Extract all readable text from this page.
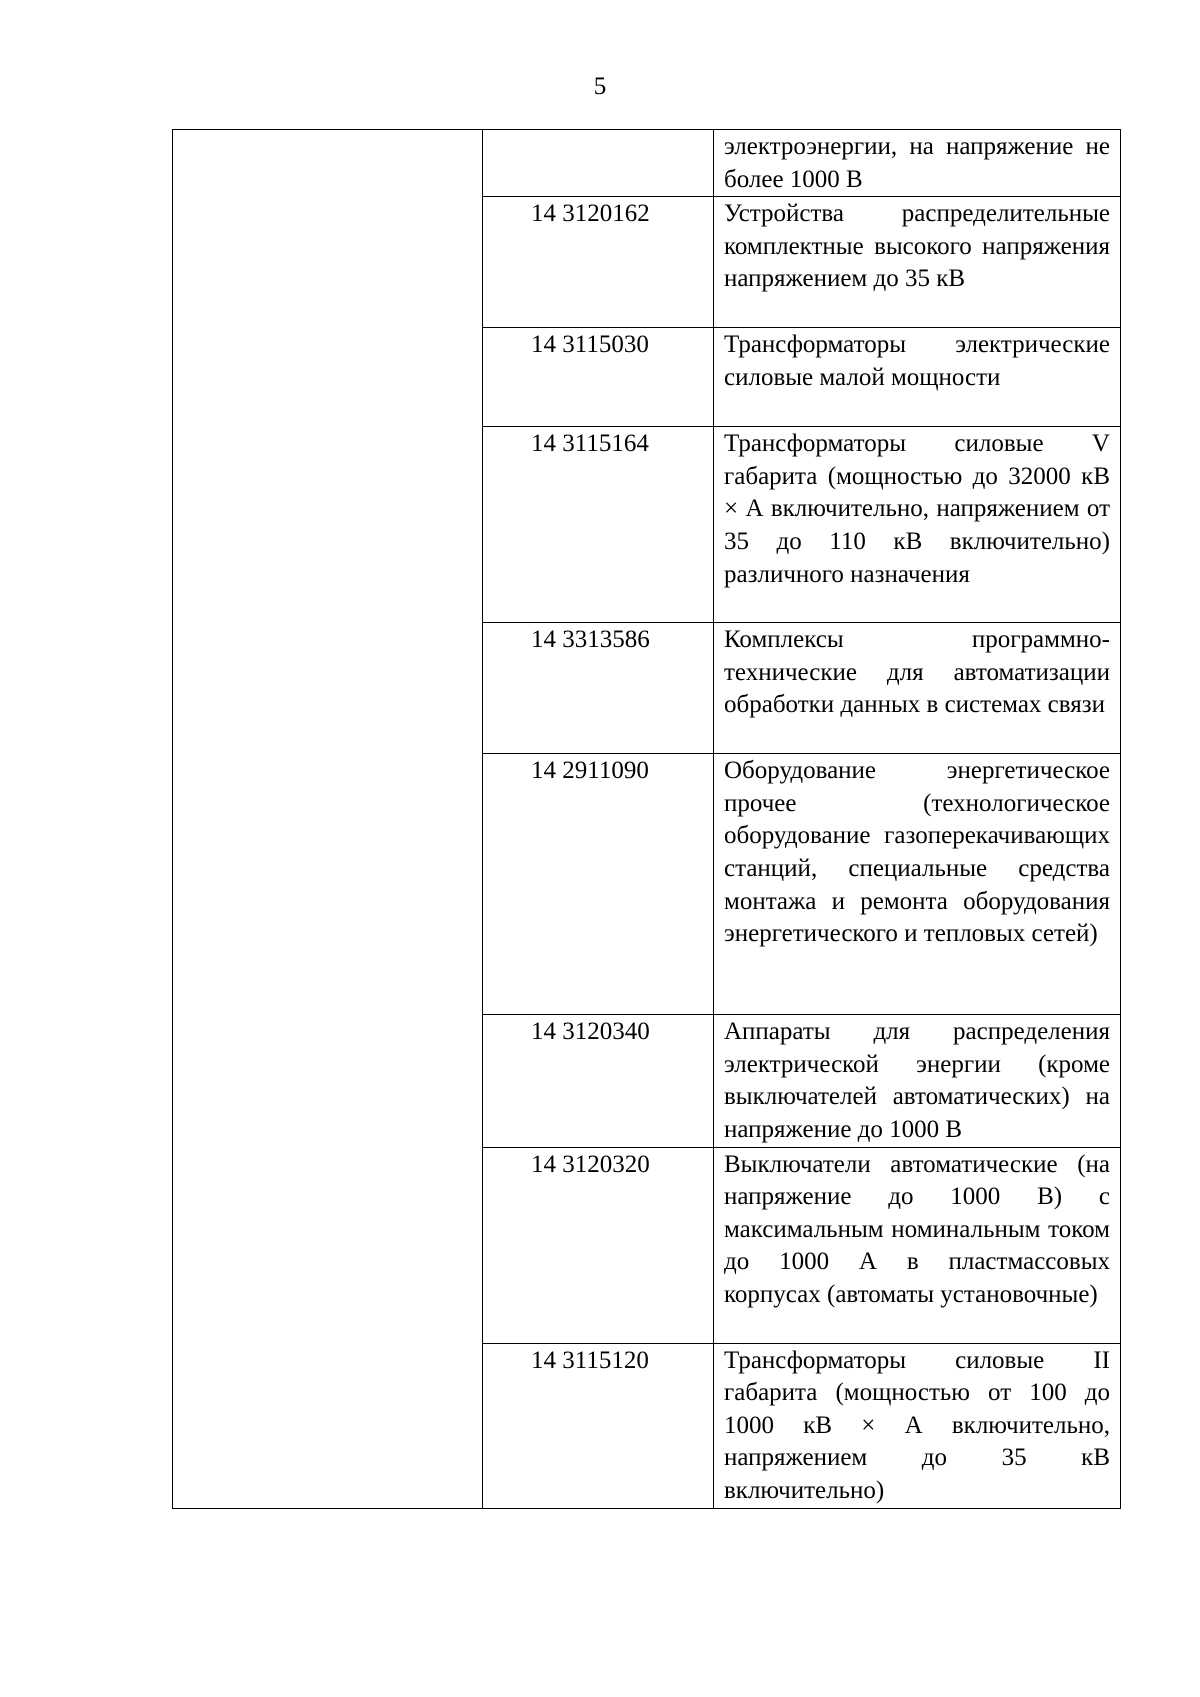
5
		электроэнергии, на напряжение не более 1000 В
	14 3120162	Устройства распределительные комплектные высокого напряжения напряжением до 35 кВ
	14 3115030	Трансформаторы электрические силовые малой мощности
	14 3115164	Трансформаторы силовые V габарита (мощностью до 32000 кВ × А включительно, напряжением от 35 до 110 кВ включительно) различного назначения
	14 3313586	Комплексы программно-технические для автоматизации обработки данных в системах связи
	14 2911090	Оборудование энергетическое прочее (технологическое оборудование газоперекачивающих станций, специальные средства монтажа и ремонта оборудования энергетического и тепловых сетей)
	14 3120340	Аппараты для распределения электрической энергии (кроме выключателей автоматических) на напряжение до 1000 В
	14 3120320	Выключатели автоматические (на напряжение до 1000 В) с максимальным номинальным током до 1000 А в пластмассовых корпусах (автоматы установочные)
	14 3115120	Трансформаторы силовые II габарита (мощностью от 100 до 1000 кВ × А включительно, напряжением до 35 кВ включительно)
